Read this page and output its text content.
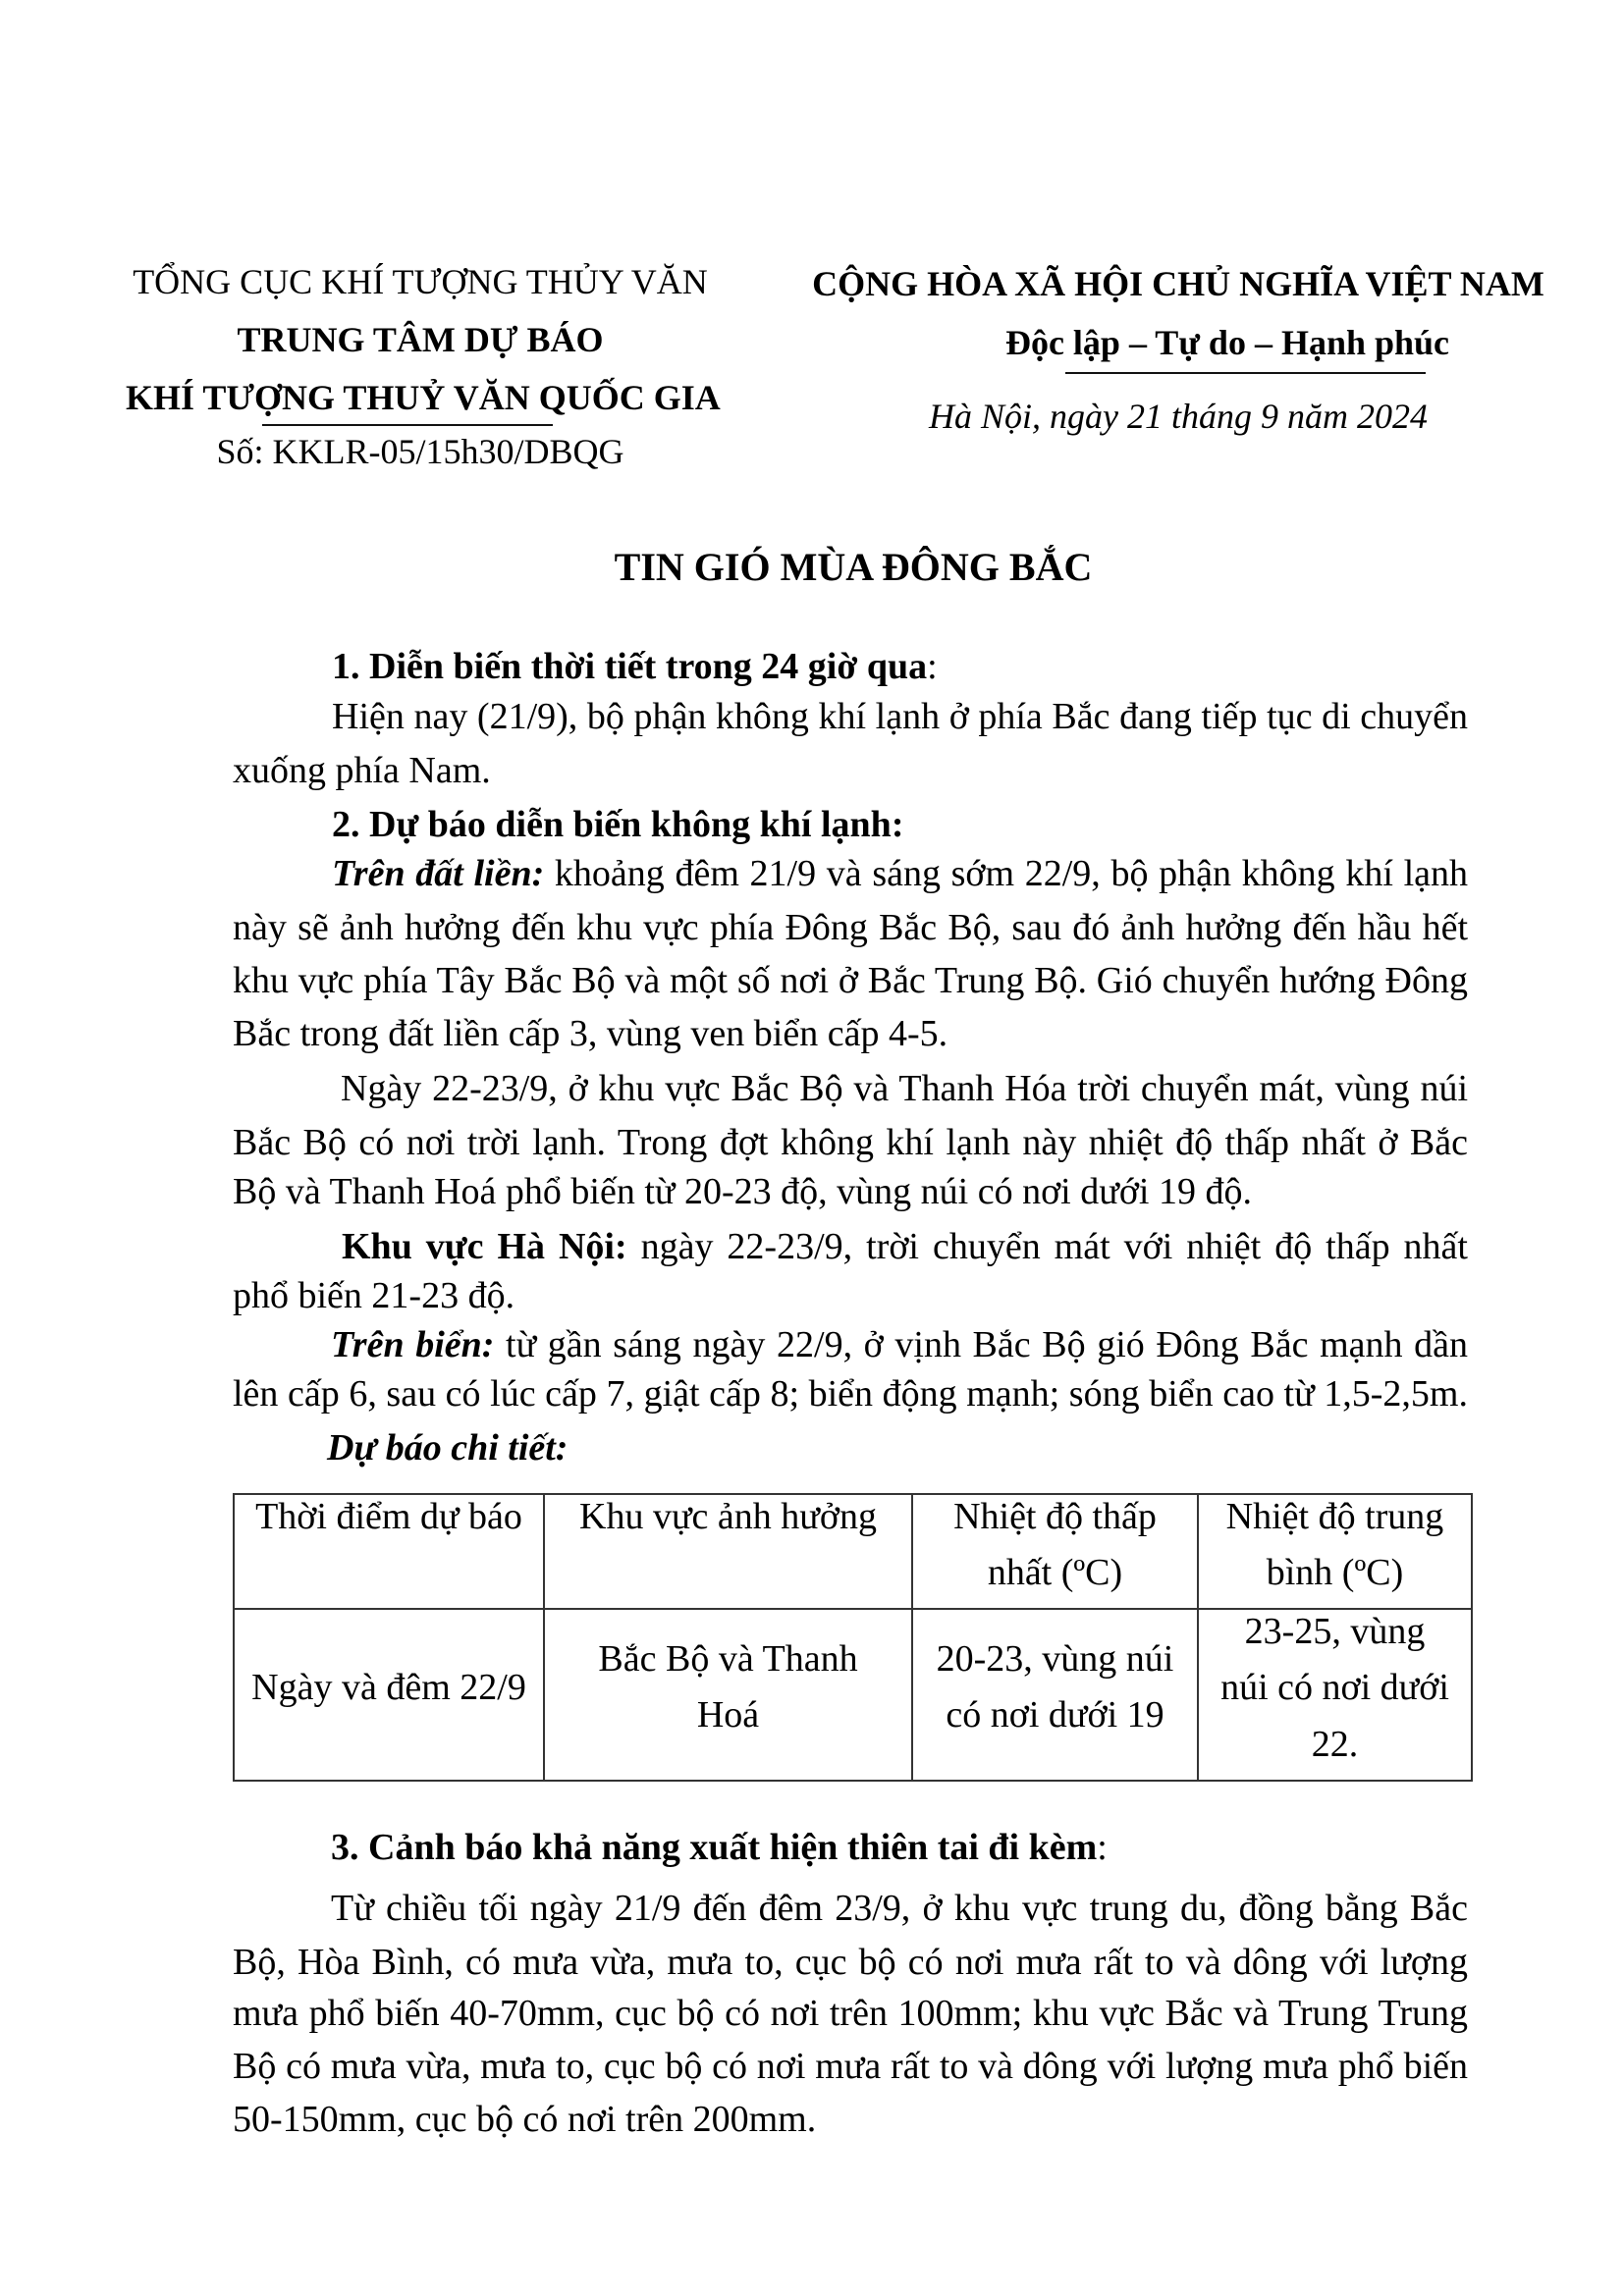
TỔNG CỤC KHÍ TƯỢNG THỦY VĂN
TRUNG TÂM DỰ BÁO
KHÍ TƯỢNG THUỶ VĂN QUỐC GIA
Số: KKLR-05/15h30/DBQG
CỘNG HÒA XÃ HỘI CHỦ NGHĨA VIỆT NAM
Độc lập – Tự do – Hạnh phúc
Hà Nội, ngày 21 tháng 9 năm 2024
TIN GIÓ MÙA ĐÔNG BẮC
1. Diễn biến thời tiết trong 24 giờ qua:
Hiện nay (21/9), bộ phận không khí lạnh ở phía Bắc đang tiếp tục di chuyển
xuống phía Nam.
2. Dự báo diễn biến không khí lạnh:
Trên đất liền: khoảng đêm 21/9 và sáng sớm 22/9, bộ phận không khí lạnh
này sẽ ảnh hưởng đến khu vực phía Đông Bắc Bộ, sau đó ảnh hưởng đến hầu hết
khu vực phía Tây Bắc Bộ và một số nơi ở Bắc Trung Bộ. Gió chuyển hướng Đông
Bắc trong đất liền cấp 3, vùng ven biển cấp 4-5.
Ngày 22-23/9, ở khu vực Bắc Bộ và Thanh Hóa trời chuyển mát, vùng núi
Bắc Bộ có nơi trời lạnh. Trong đợt không khí lạnh này nhiệt độ thấp nhất ở Bắc
Bộ và Thanh Hoá phổ biến từ 20-23 độ, vùng núi có nơi dưới 19 độ.
Khu vực Hà Nội: ngày 22-23/9, trời chuyển mát với nhiệt độ thấp nhất
phổ biến 21-23 độ.
Trên biển: từ gần sáng ngày 22/9, ở vịnh Bắc Bộ gió Đông Bắc mạnh dần
lên cấp 6, sau có lúc cấp 7, giật cấp 8; biển động mạnh; sóng biển cao từ 1,5-2,5m.
Dự báo chi tiết:
Thời điểm dự báo	Khu vực ảnh hưởng	Nhiệt độ thấp
nhất (ºC)
Nhiệt độ trung
bình (ºC)
Ngày và đêm 22/9
Bắc Bộ và Thanh
Hoá
20-23, vùng núi
có nơi dưới 19
23-25, vùng
núi có nơi dưới
22.
3. Cảnh báo khả năng xuất hiện thiên tai đi kèm:
Từ chiều tối ngày 21/9 đến đêm 23/9, ở khu vực trung du, đồng bằng Bắc
Bộ, Hòa Bình, có mưa vừa, mưa to, cục bộ có nơi mưa rất to và dông với lượng
mưa phổ biến 40-70mm, cục bộ có nơi trên 100mm; khu vực Bắc và Trung Trung
Bộ có mưa vừa, mưa to, cục bộ có nơi mưa rất to và dông với lượng mưa phổ biến
50-150mm, cục bộ có nơi trên 200mm.
